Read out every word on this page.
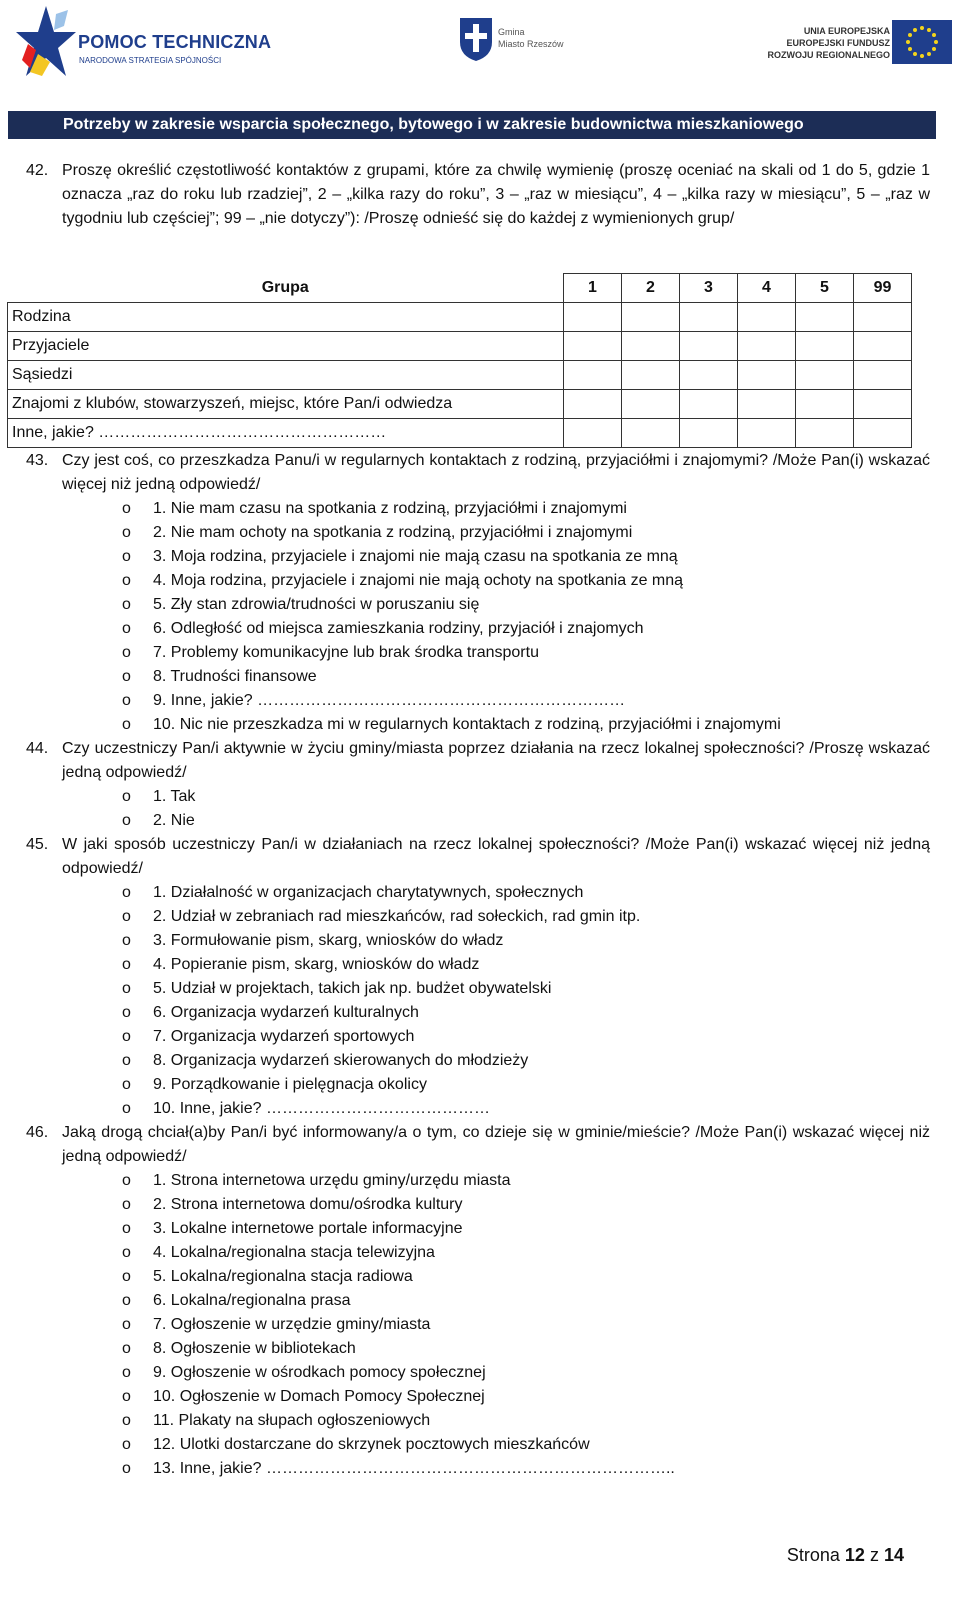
POMOC TECHNICZNA
NARODOWA STRATEGIA SPÓJNOŚCI
Gmina
Miasto Rzeszów
UNIA EUROPEJSKA
EUROPEJSKI FUNDUSZ
ROZWOJU REGIONALNEGO
Potrzeby w zakresie wsparcia społecznego, bytowego i w zakresie budownictwa mieszkaniowego
42. Proszę określić częstotliwość kontaktów z grupami, które za chwilę wymienię (proszę oceniać na skali od 1 do 5, gdzie 1 oznacza „raz do roku lub rzadziej”, 2 – „kilka razy do roku”, 3 – „raz w miesiącu”, 4 – „kilka razy w miesiącu”, 5 – „raz w tygodniu lub częściej”; 99 – „nie dotyczy”): /Proszę odnieść się do każdej z wymienionych grup/
Grupa	1	2	3	4	5	99
Rodzina						
Przyjaciele						
Sąsiedzi						
Znajomi z klubów, stowarzyszeń, miejsc, które Pan/i odwiedza						
Inne, jakie? ………………………………………………						
43. Czy jest coś, co przeszkadza Panu/i w regularnych kontaktach z rodziną, przyjaciółmi i znajomymi? /Może Pan(i) wskazać więcej niż jedną odpowiedź/
o 1. Nie mam czasu na spotkania z rodziną, przyjaciółmi i znajomymi
o 2. Nie mam ochoty na spotkania z rodziną, przyjaciółmi i znajomymi
o 3. Moja rodzina, przyjaciele i znajomi nie mają czasu na spotkania ze mną
o 4. Moja rodzina, przyjaciele i znajomi nie mają ochoty na spotkania ze mną
o 5. Zły stan zdrowia/trudności w poruszaniu się
o 6. Odległość od miejsca zamieszkania rodziny, przyjaciół i znajomych
o 7. Problemy komunikacyjne lub brak środka transportu
o 8. Trudności finansowe
o 9. Inne, jakie? ……………………………………………………………
o 10. Nic nie przeszkadza mi w regularnych kontaktach z rodziną, przyjaciółmi i znajomymi
44. Czy uczestniczy Pan/i aktywnie w życiu gminy/miasta poprzez działania na rzecz lokalnej społeczności? /Proszę wskazać jedną odpowiedź/
o 1. Tak
o 2. Nie
45. W jaki sposób uczestniczy Pan/i w działaniach na rzecz lokalnej społeczności? /Może Pan(i) wskazać więcej niż jedną odpowiedź/
o 1. Działalność w organizacjach charytatywnych, społecznych
o 2. Udział w zebraniach rad mieszkańców, rad sołeckich, rad gmin itp.
o 3. Formułowanie pism, skarg, wniosków do władz
o 4. Popieranie pism, skarg, wniosków do władz
o 5. Udział w projektach, takich jak np. budżet obywatelski
o 6. Organizacja wydarzeń kulturalnych
o 7. Organizacja wydarzeń sportowych
o 8. Organizacja wydarzeń skierowanych do młodzieży
o 9. Porządkowanie i pielęgnacja okolicy
o 10. Inne, jakie? ……………………………………
46. Jaką drogą chciał(a)by Pan/i być informowany/a o tym, co dzieje się w gminie/mieście? /Może Pan(i) wskazać więcej niż jedną odpowiedź/
o 1. Strona internetowa urzędu gminy/urzędu miasta
o 2. Strona internetowa domu/ośrodka kultury
o 3. Lokalne internetowe portale informacyjne
o 4. Lokalna/regionalna stacja telewizyjna
o 5. Lokalna/regionalna stacja radiowa
o 6. Lokalna/regionalna prasa
o 7. Ogłoszenie w urzędzie gminy/miasta
o 8. Ogłoszenie w bibliotekach
o 9. Ogłoszenie w ośrodkach pomocy społecznej
o 10. Ogłoszenie w Domach Pomocy Społecznej
o 11. Plakaty na słupach ogłoszeniowych
o 12. Ulotki dostarczane do skrzynek pocztowych mieszkańców
o 13. Inne, jakie? …………………………………………………………………..
Strona 12 z 14
